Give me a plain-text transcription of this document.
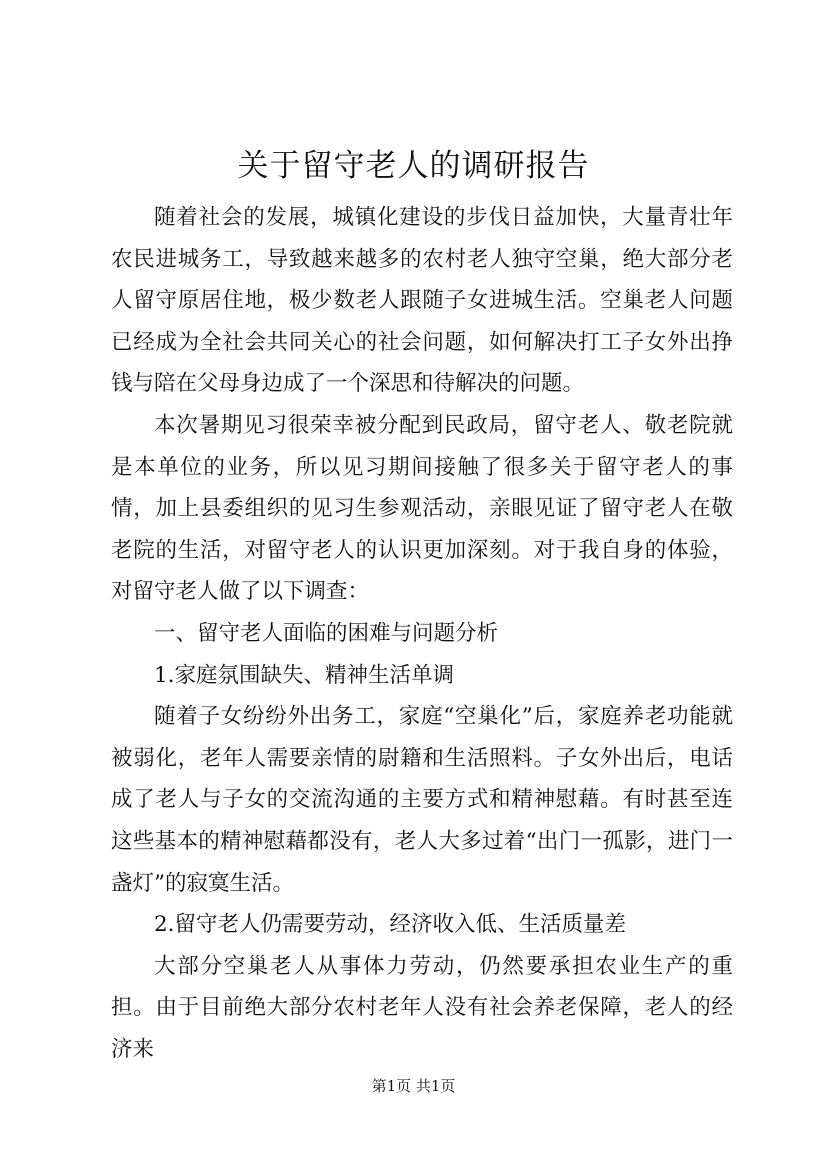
关于留守老人的调研报告

随着社会的发展，城镇化建设的步伐日益加快，大量青壮年农民进城务工，导致越来越多的农村老人独守空巢，绝大部分老人留守原居住地，极少数老人跟随子女进城生活。空巢老人问题已经成为全社会共同关心的社会问题，如何解决打工子女外出挣钱与陪在父母身边成了一个深思和待解决的问题。

本次暑期见习很荣幸被分配到民政局，留守老人、敬老院就是本单位的业务，所以见习期间接触了很多关于留守老人的事情，加上县委组织的见习生参观活动，亲眼见证了留守老人在敬老院的生活，对留守老人的认识更加深刻。对于我自身的体验，对留守老人做了以下调查：

一、留守老人面临的困难与问题分析

1.家庭氛围缺失、精神生活单调

随着子女纷纷外出务工，家庭“空巢化”后，家庭养老功能就被弱化，老年人需要亲情的尉籍和生活照料。子女外出后，电话成了老人与子女的交流沟通的主要方式和精神慰藉。有时甚至连这些基本的精神慰藉都没有，老人大多过着“出门一孤影，进门一盏灯”的寂寞生活。

2.留守老人仍需要劳动，经济收入低、生活质量差

大部分空巢老人从事体力劳动，仍然要承担农业生产的重担。由于目前绝大部分农村老年人没有社会养老保障，老人的经济来

第1页 共1页
